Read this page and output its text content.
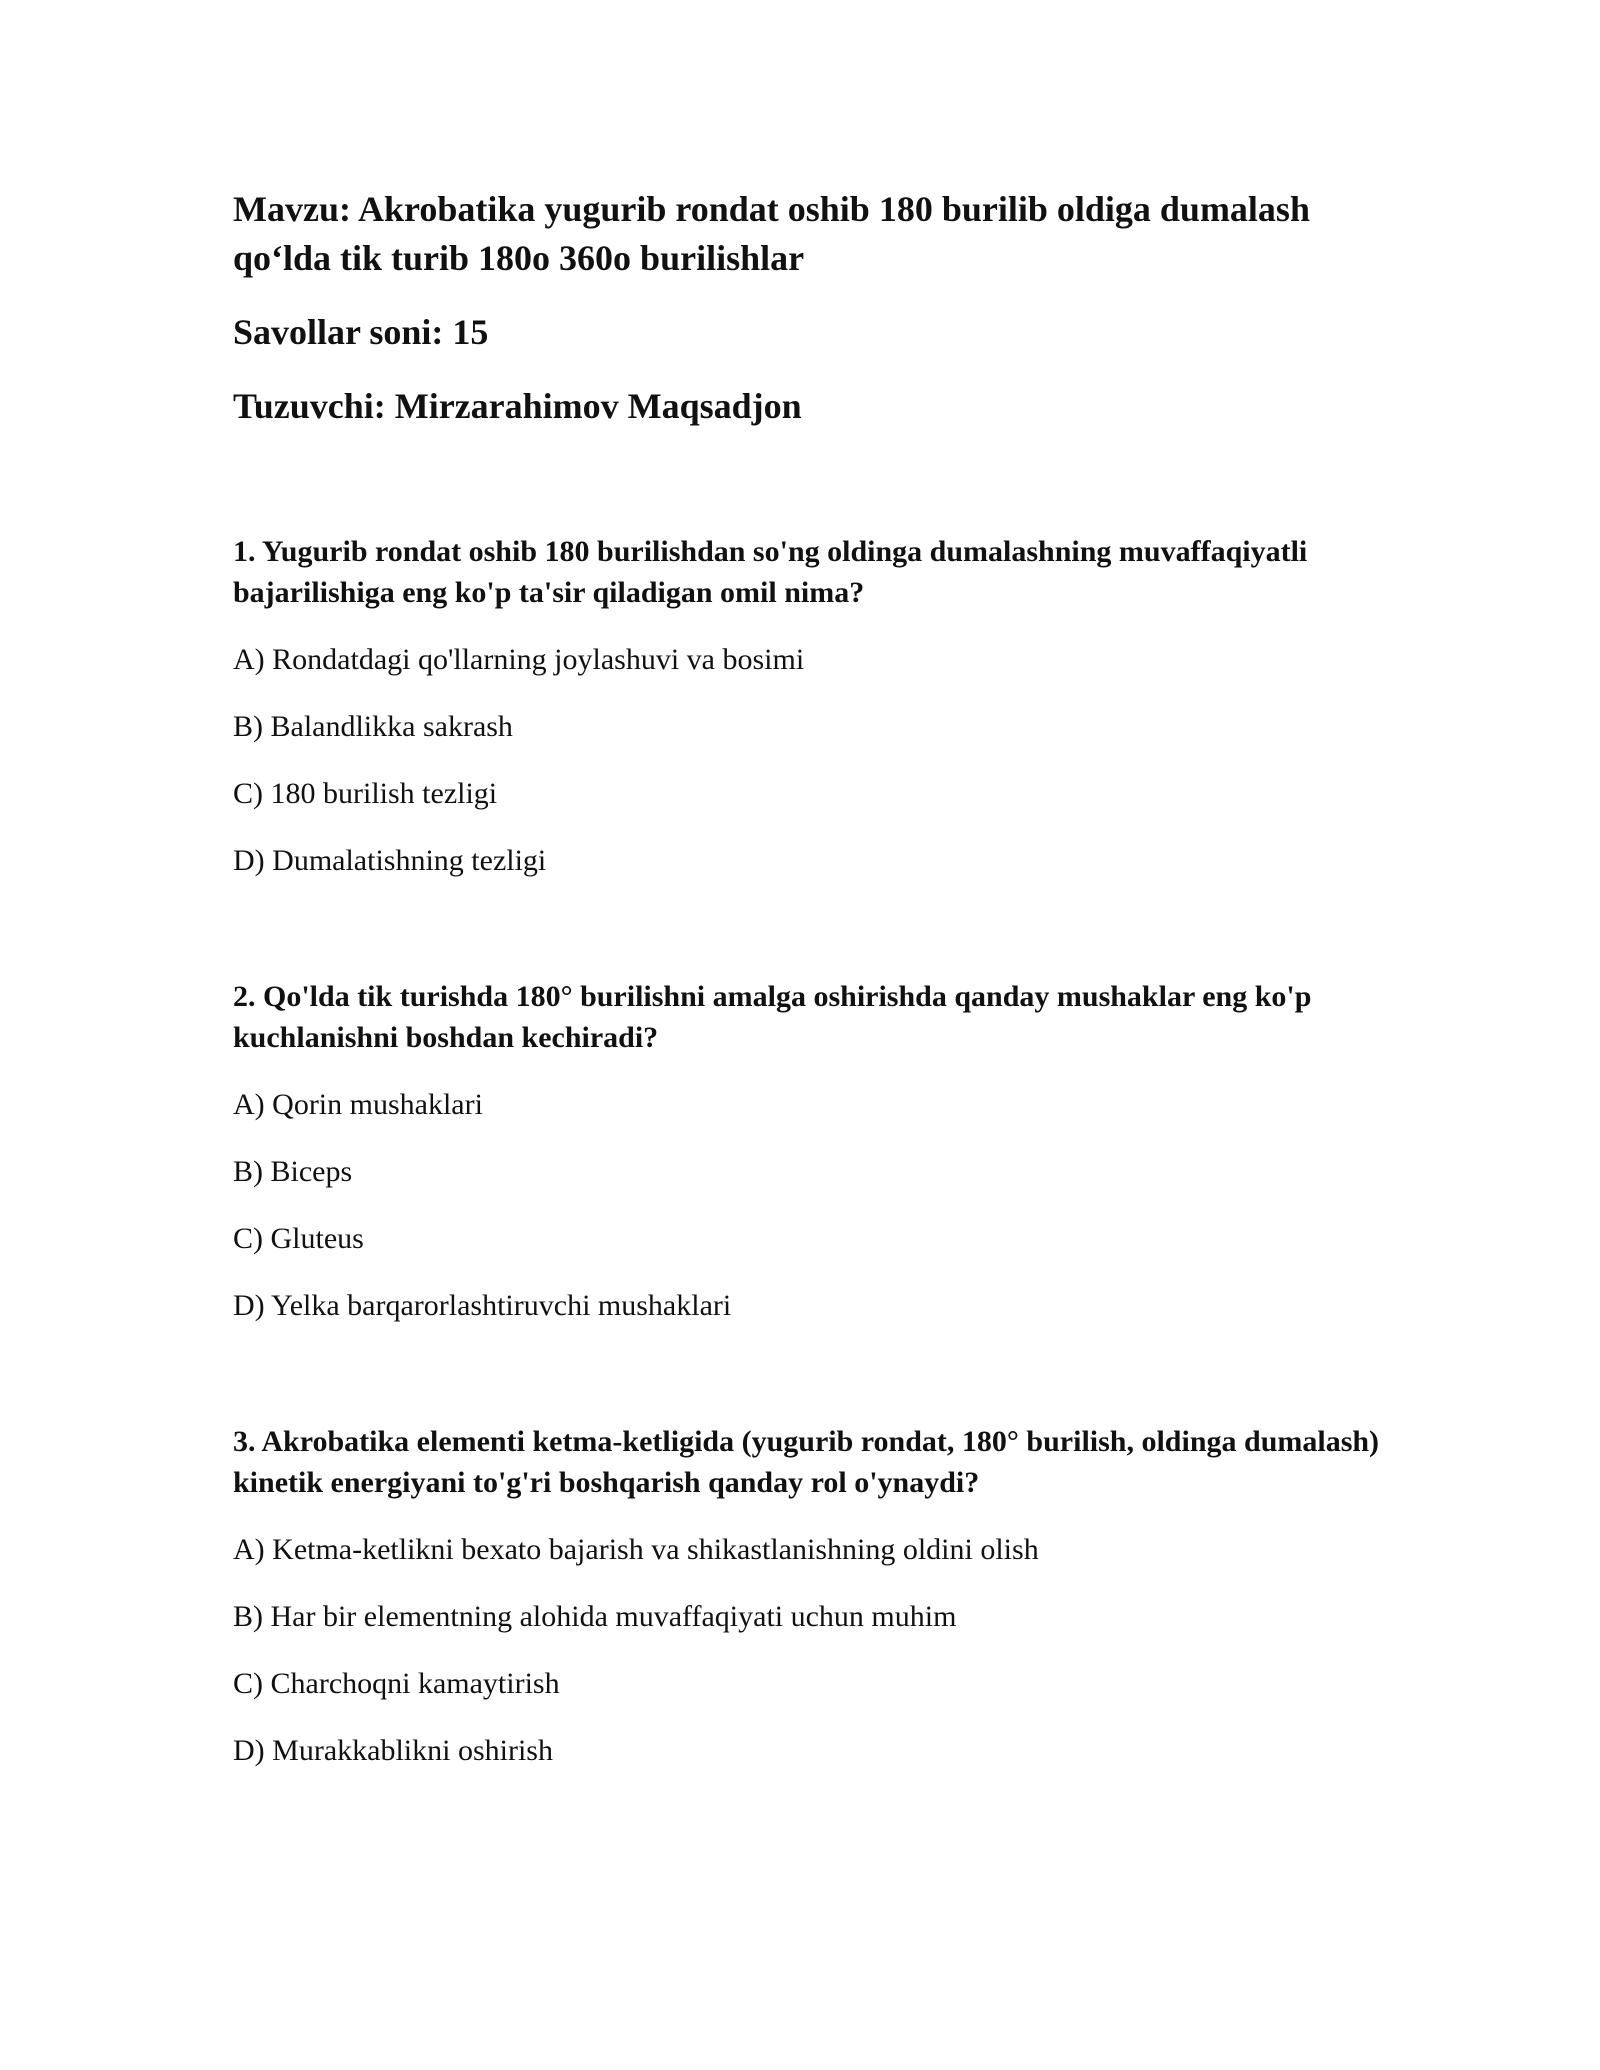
Mavzu: Akrobatika yugurib rondat oshib 180 burilib oldiga dumalash qo‘lda tik turib 180o 360o burilishlar

Savollar soni: 15

Tuzuvchi: Mirzarahimov Maqsadjon

1. Yugurib rondat oshib 180 burilishdan so'ng oldinga dumalashning muvaffaqiyatli bajarilishiga eng ko'p ta'sir qiladigan omil nima?

A) Rondatdagi qo'llarning joylashuvi va bosimi

B) Balandlikka sakrash

C) 180 burilish tezligi

D) Dumalatishning tezligi

2. Qo'lda tik turishda 180° burilishni amalga oshirishda qanday mushaklar eng ko'p kuchlanishni boshdan kechiradi?

A) Qorin mushaklari

B) Biceps

C) Gluteus

D) Yelka barqarorlashtiruvchi mushaklari

3. Akrobatika elementi ketma-ketligida (yugurib rondat, 180° burilish, oldinga dumalash) kinetik energiyani to'g'ri boshqarish qanday rol o'ynaydi?

A) Ketma-ketlikni bexato bajarish va shikastlanishning oldini olish

B) Har bir elementning alohida muvaffaqiyati uchun muhim

C) Charchoqni kamaytirish

D) Murakkablikni oshirish
